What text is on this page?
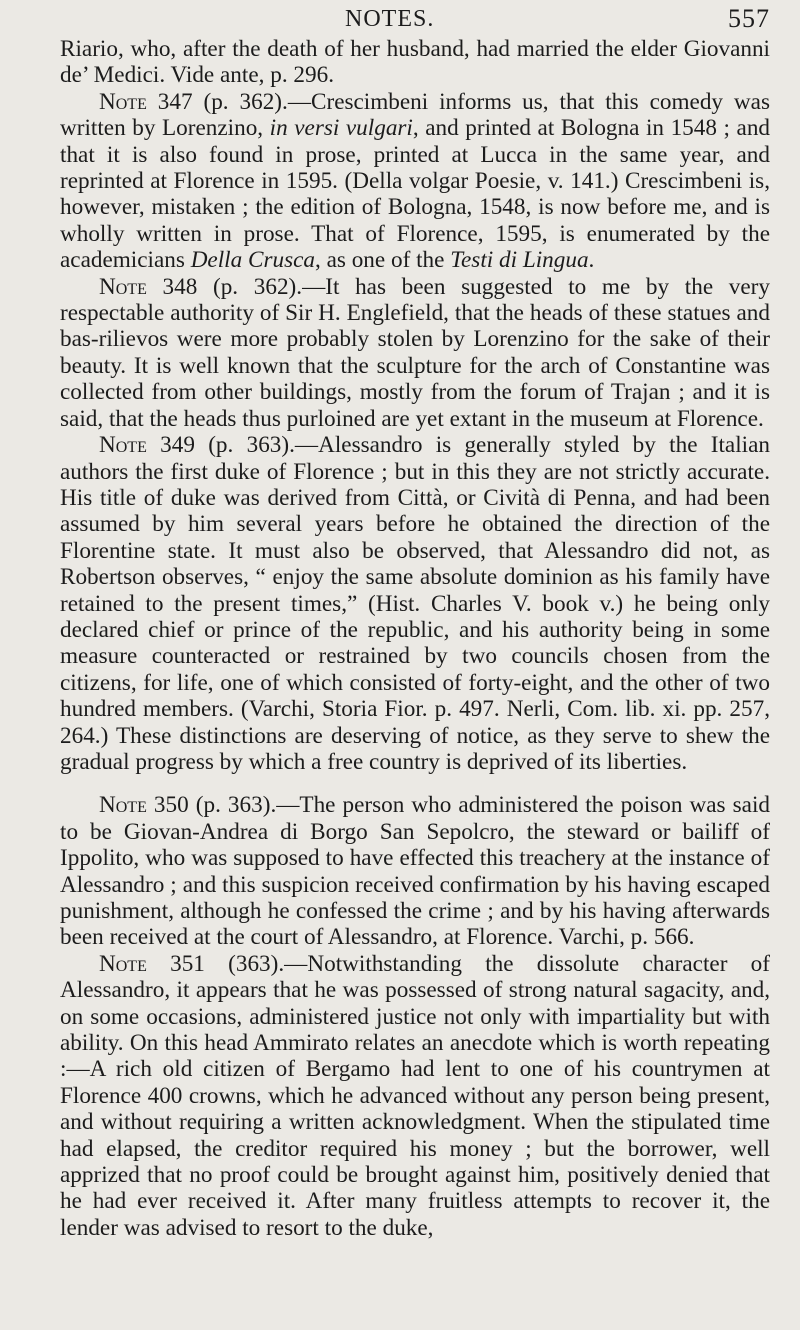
NOTES.	557

Riario, who, after the death of her husband, had married the elder Giovanni de’ Medici. Vide ante, p. 296.

Note 347 (p. 362).—Crescimbeni informs us, that this comedy was written by Lorenzino, in versi vulgari, and printed at Bologna in 1548 ; and that it is also found in prose, printed at Lucca in the same year, and reprinted at Florence in 1595. (Della volgar Poesie, v. 141.) Crescimbeni is, however, mistaken ; the edition of Bologna, 1548, is now before me, and is wholly written in prose. That of Florence, 1595, is enumerated by the academicians Della Crusca, as one of the Testi di Lingua.

Note 348 (p. 362).—It has been suggested to me by the very respectable authority of Sir H. Englefield, that the heads of these statues and bas-rilievos were more probably stolen by Lorenzino for the sake of their beauty. It is well known that the sculpture for the arch of Constantine was collected from other buildings, mostly from the forum of Trajan ; and it is said, that the heads thus purloined are yet extant in the museum at Florence.

Note 349 (p. 363).—Alessandro is generally styled by the Italian authors the first duke of Florence ; but in this they are not strictly accurate. His title of duke was derived from Città, or Cività di Penna, and had been assumed by him several years before he obtained the direction of the Florentine state. It must also be observed, that Alessandro did not, as Robertson observes, “ enjoy the same absolute dominion as his family have retained to the present times,” (Hist. Charles V. book v.) he being only declared chief or prince of the republic, and his authority being in some measure counteracted or restrained by two councils chosen from the citizens, for life, one of which consisted of forty-eight, and the other of two hundred members. (Varchi, Storia Fior. p. 497. Nerli, Com. lib. xi. pp. 257, 264.) These distinctions are deserving of notice, as they serve to shew the gradual progress by which a free country is deprived of its liberties.

Note 350 (p. 363).—The person who administered the poison was said to be Giovan-Andrea di Borgo San Sepolcro, the steward or bailiff of Ippolito, who was supposed to have effected this treachery at the instance of Alessandro ; and this suspicion received confirmation by his having escaped punishment, although he confessed the crime ; and by his having afterwards been received at the court of Alessandro, at Florence. Varchi, p. 566.

Note 351 (363).—Notwithstanding the dissolute character of Alessandro, it appears that he was possessed of strong natural sagacity, and, on some occasions, administered justice not only with impartiality but with ability. On this head Ammirato relates an anecdote which is worth repeating :—A rich old citizen of Bergamo had lent to one of his countrymen at Florence 400 crowns, which he advanced without any person being present, and without requiring a written acknowledgment. When the stipulated time had elapsed, the creditor required his money ; but the borrower, well apprized that no proof could be brought against him, positively denied that he had ever received it. After many fruitless attempts to recover it, the lender was advised to resort to the duke,
